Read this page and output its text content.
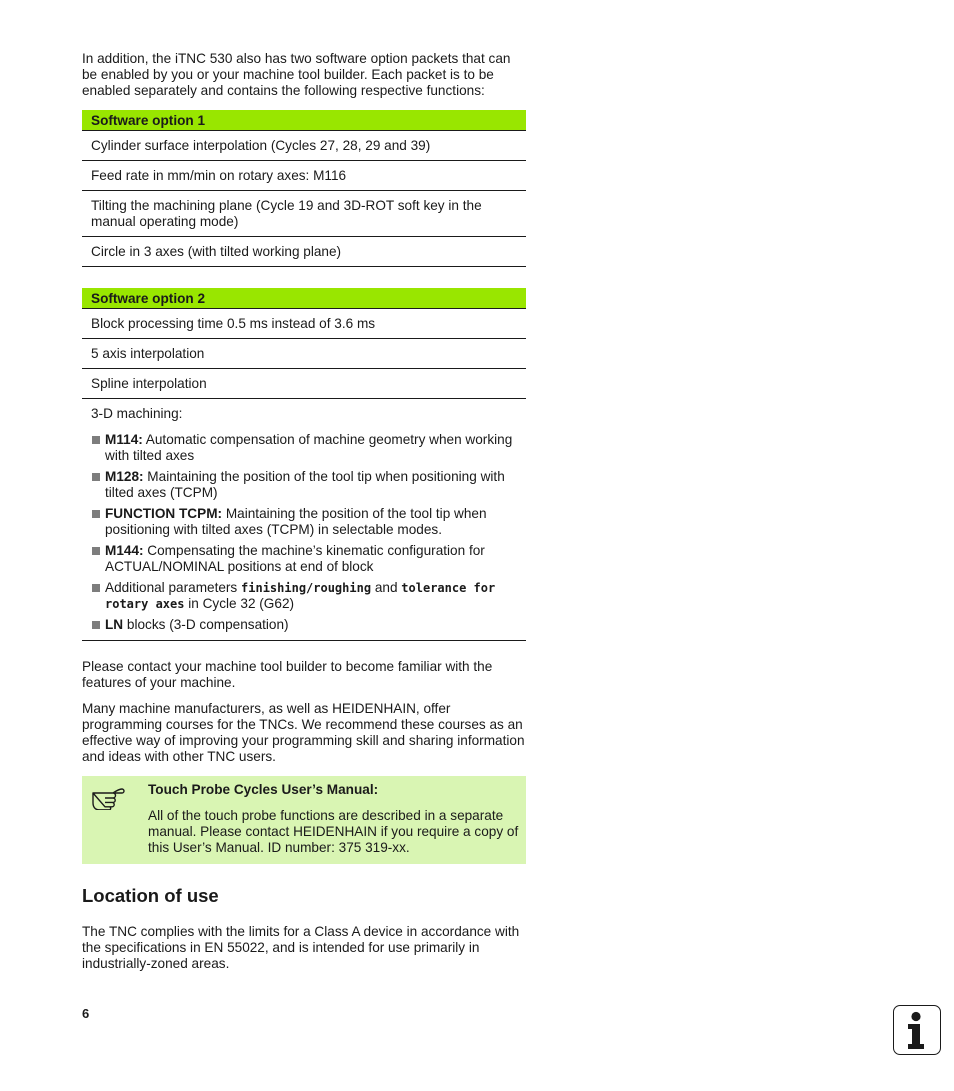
In addition, the iTNC 530 also has two software option packets that can be enabled by you or your machine tool builder. Each packet is to be enabled separately and contains the following respective functions:

Software option 1
Cylinder surface interpolation (Cycles 27, 28, 29 and 39)
Feed rate in mm/min on rotary axes: M116
Tilting the machining plane (Cycle 19 and 3D-ROT soft key in the manual operating mode)
Circle in 3 axes (with tilted working plane)
Software option 2
Block processing time 0.5 ms instead of 3.6 ms
5 axis interpolation
Spline interpolation
3-D machining:
M114: Automatic compensation of machine geometry when working with tilted axes
M128: Maintaining the position of the tool tip when positioning with tilted axes (TCPM)
FUNCTION TCPM: Maintaining the position of the tool tip when positioning with tilted axes (TCPM) in selectable modes.
M144: Compensating the machine’s kinematic configuration for ACTUAL/NOMINAL positions at end of block
Additional parameters finishing/roughing and tolerance for rotary axes in Cycle 32 (G62)
LN blocks (3-D compensation)

Please contact your machine tool builder to become familiar with the features of your machine.

Many machine manufacturers, as well as HEIDENHAIN, offer programming courses for the TNCs. We recommend these courses as an effective way of improving your programming skill and sharing information and ideas with other TNC users.

Touch Probe Cycles User’s Manual:
All of the touch probe functions are described in a separate manual. Please contact HEIDENHAIN if you require a copy of this User’s Manual. ID number: 375 319-xx.
Location of use

The TNC complies with the limits for a Class A device in accordance with the specifications in EN 55022, and is intended for use primarily in industrially-zoned areas.

6
